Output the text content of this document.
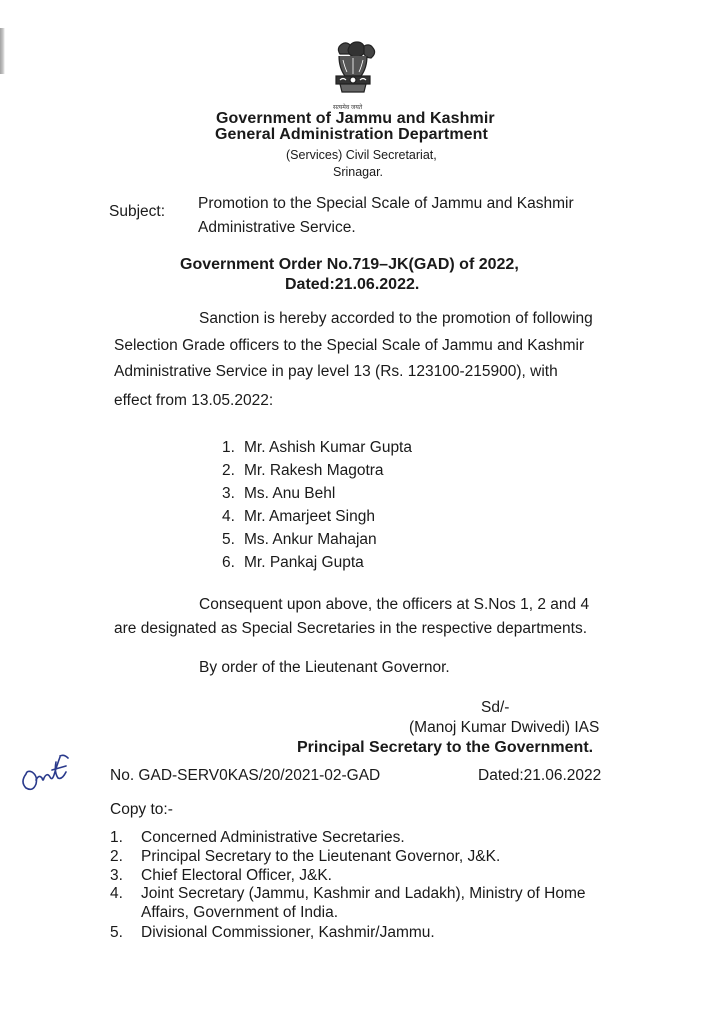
सत्यमेव जयते
Government of Jammu and Kashmir
General Administration Department
(Services) Civil Secretariat,
Srinagar.
Subject: Promotion to the Special Scale of Jammu and Kashmir
Administrative Service.
Government Order No.719–JK(GAD) of 2022,
Dated:21.06.2022.
Sanction is hereby accorded to the promotion of following
Selection Grade officers to the Special Scale of Jammu and Kashmir
Administrative Service in pay level 13 (Rs. 123100-215900), with
effect from 13.05.2022:
1. Mr. Ashish Kumar Gupta
2. Mr. Rakesh Magotra
3. Ms. Anu Behl
4. Mr. Amarjeet Singh
5. Ms. Ankur Mahajan
6. Mr. Pankaj Gupta
Consequent upon above, the officers at S.Nos 1, 2 and 4
are designated as Special Secretaries in the respective departments.
By order of the Lieutenant Governor.
Sd/-
(Manoj Kumar Dwivedi) IAS
Principal Secretary to the Government.
No. GAD-SERV0KAS/20/2021-02-GAD	Dated:21.06.2022
Copy to:-
1. Concerned Administrative Secretaries.
2. Principal Secretary to the Lieutenant Governor, J&K.
3. Chief Electoral Officer, J&K.
4. Joint Secretary (Jammu, Kashmir and Ladakh), Ministry of Home
Affairs, Government of India.
5. Divisional Commissioner, Kashmir/Jammu.
